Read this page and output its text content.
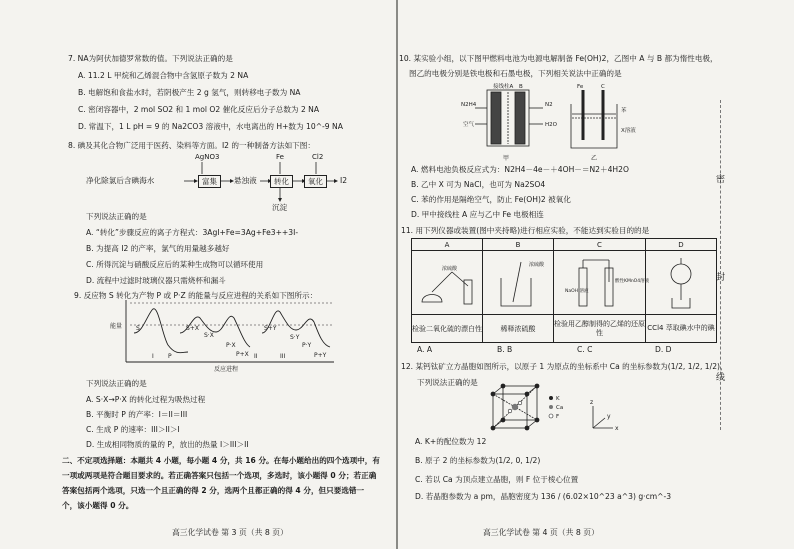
7. NA为阿伏加德罗常数的值。下列说法正确的是
A. 11.2 L 甲烷和乙烯混合物中含氢原子数为 2 NA
B. 电解饱和食盐水时，若阴极产生 2 g 氢气，则转移电子数为 NA
C. 密闭容器中，2 mol SO2 和 1 mol O2 催化反应后分子总数为 2 NA
D. 常温下，1 L pH = 9 的 Na2CO3 溶液中，水电离出的 H+数为 10^-9 NA
8. 碘及其化合物广泛用于医药、染料等方面。I2 的一种制备方法如下图：
AgNO3	Fe	Cl2
净化除氯后含碘海水	富集	悬浊液	转化	氧化	I2
沉淀
下列说法正确的是
A. “转化”步骤反应的离子方程式：3AgI+Fe=3Ag+Fe3++3I-
B. 为提高 I2 的产率，氯气的用量越多越好
C. 所得沉淀与硝酸反应后的某种生成物可以循环使用
D. 流程中过滤时玻璃仪器只需烧杯和漏斗
9. 反应物 S 转化为产物 P 或 P·Z 的能量与反应进程的关系如下图所示：
能量 S	S+X
S·X
P·X
P+X
S+Y
S·Y
P·Y
P+Y
I P	II	III
反应进程
下列说法正确的是
A. S·X→P·X 的转化过程为吸热过程
B. 平衡时 P 的产率：I＝II＝III
C. 生成 P 的速率：III＞II＞I
D. 生成相同物质的量的 P，放出的热量 I＞III＞II
二、不定项选择题：本题共 4 小题，每小题 4 分，共 16 分。在每小题给出的四个选项中，有
一项或两项是符合题目要求的。若正确答案只包括一个选项，多选时，该小题得 0 分；若正确
答案包括两个选项，只选一个且正确的得 2 分，选两个且都正确的得 4 分，但只要选错一
个，该小题得 0 分。
高三化学试卷 第 3 页（共 8 页）
10. 某实验小组，以下图甲燃料电池为电源电解制备 Fe(OH)2，乙图中 A 与 B 都为惰性电极，
图乙的电极分别是铁电极和石墨电极，下列相关说法中正确的是
接线柱A B
N2H4
空气
N2
H2O
Fe	C
苯
X溶液
甲	乙
A. 燃料电池负极反应式为：N2H4－4e－＋4OH－＝N2＋4H2O
B. 乙中 X 可为 NaCl，也可为 Na2SO4
C. 苯的作用是隔绝空气，防止 Fe(OH)2 被氧化
D. 甲中接线柱 A 应与乙中 Fe 电极相连
11. 用下列仪器或装置(图中夹持略)进行相应实验，不能达到实验目的的是
A	B	C	D

浓硫酸	浓硫酸	NaOH 溶液
酸性KMnO4溶液

检验二氧化硫的漂白性	稀释浓硫酸	检验用乙醇制得的乙烯的还原性	CCl4 萃取碘水中的碘
A. A	B. B	C. C	D. D
12. 某钙钛矿立方晶胞如图所示，以原子 1 为原点的坐标系中 Ca 的坐标参数为(1/2, 1/2, 1/2)，
下列说法正确的是
K
Ca
F
x
y
z
A. K+的配位数为 12
B. 原子 2 的坐标参数为(1/2, 0, 1/2)
C. 若以 Ca 为顶点建立晶胞，则 F 位于棱心位置
D. 若晶胞参数为 a pm，晶胞密度为 136 / (6.02×10^23 a^3) g·cm^-3
高三化学试卷 第 4 页（共 8 页）
密
封
线
